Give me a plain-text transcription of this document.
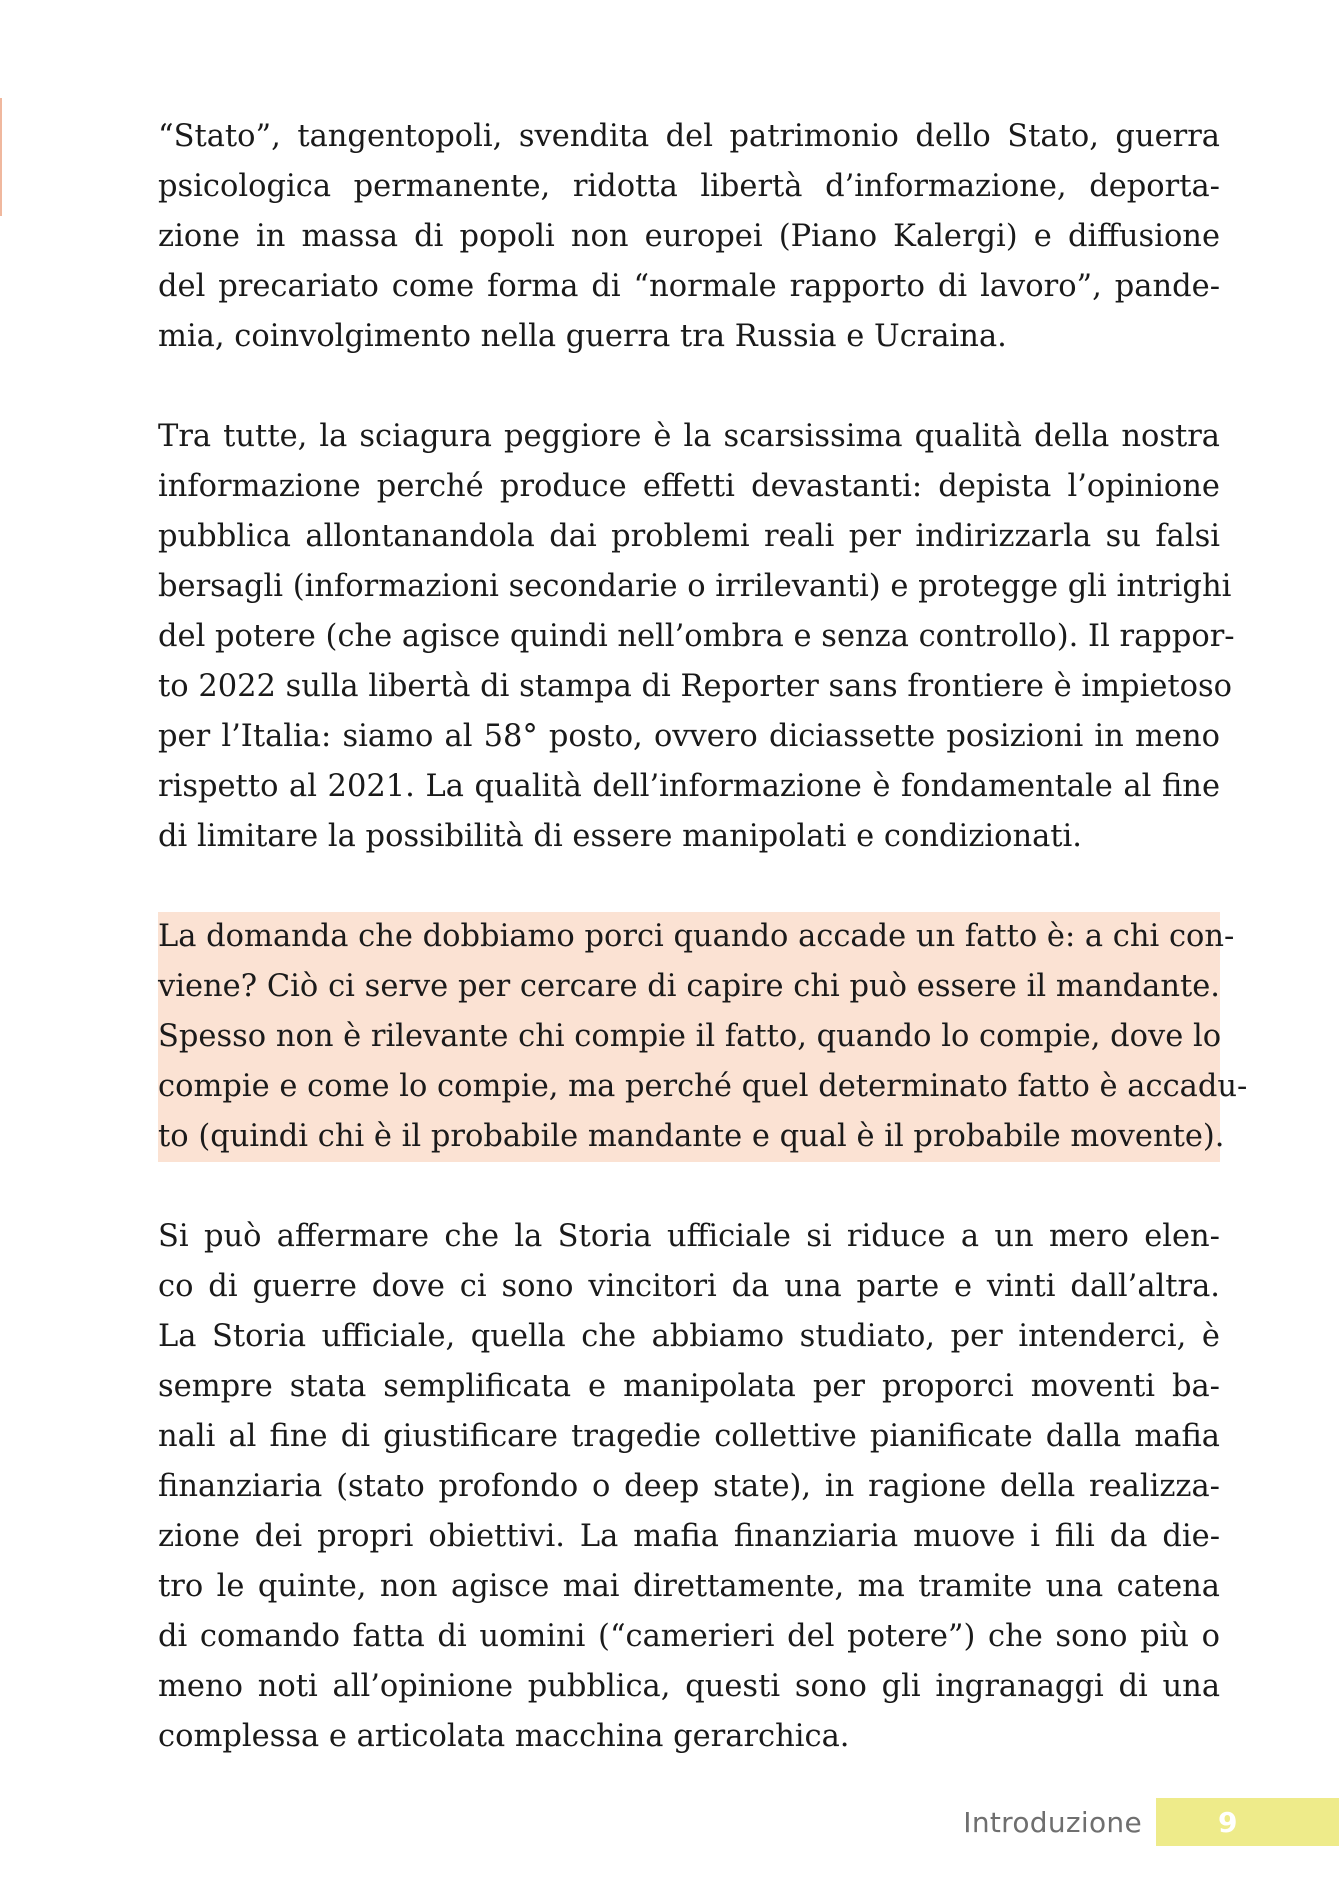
“Stato”, tangentopoli, svendita del patrimonio dello Stato, guerra
psicologica permanente, ridotta libertà d’informazione, deporta-
zione in massa di popoli non europei (Piano Kalergi) e diffusione
del precariato come forma di “normale rapporto di lavoro”, pande-
mia, coinvolgimento nella guerra tra Russia e Ucraina.

Tra tutte, la sciagura peggiore è la scarsissima qualità della nostra
informazione perché produce effetti devastanti: depista l’opinione
pubblica allontanandola dai problemi reali per indirizzarla su falsi
bersagli (informazioni secondarie o irrilevanti) e protegge gli intrighi
del potere (che agisce quindi nell’ombra e senza controllo). Il rappor-
to 2022 sulla libertà di stampa di Reporter sans frontiere è impietoso
per l’Italia: siamo al 58° posto, ovvero diciassette posizioni in meno
rispetto al 2021. La qualità dell’informazione è fondamentale al fine
di limitare la possibilità di essere manipolati e condizionati.

La domanda che dobbiamo porci quando accade un fatto è: a chi con-
viene? Ciò ci serve per cercare di capire chi può essere il mandante.
Spesso non è rilevante chi compie il fatto, quando lo compie, dove lo
compie e come lo compie, ma perché quel determinato fatto è accadu-
to (quindi chi è il probabile mandante e qual è il probabile movente).

Si può affermare che la Storia ufficiale si riduce a un mero elen-
co di guerre dove ci sono vincitori da una parte e vinti dall’altra.
La Storia ufficiale, quella che abbiamo studiato, per intenderci, è
sempre stata semplificata e manipolata per proporci moventi ba-
nali al fine di giustificare tragedie collettive pianificate dalla mafia
finanziaria (stato profondo o deep state), in ragione della realizza-
zione dei propri obiettivi. La mafia finanziaria muove i fili da die-
tro le quinte, non agisce mai direttamente, ma tramite una catena
di comando fatta di uomini (“camerieri del potere”) che sono più o
meno noti all’opinione pubblica, questi sono gli ingranaggi di una
complessa e articolata macchina gerarchica.

Introduzione	9
